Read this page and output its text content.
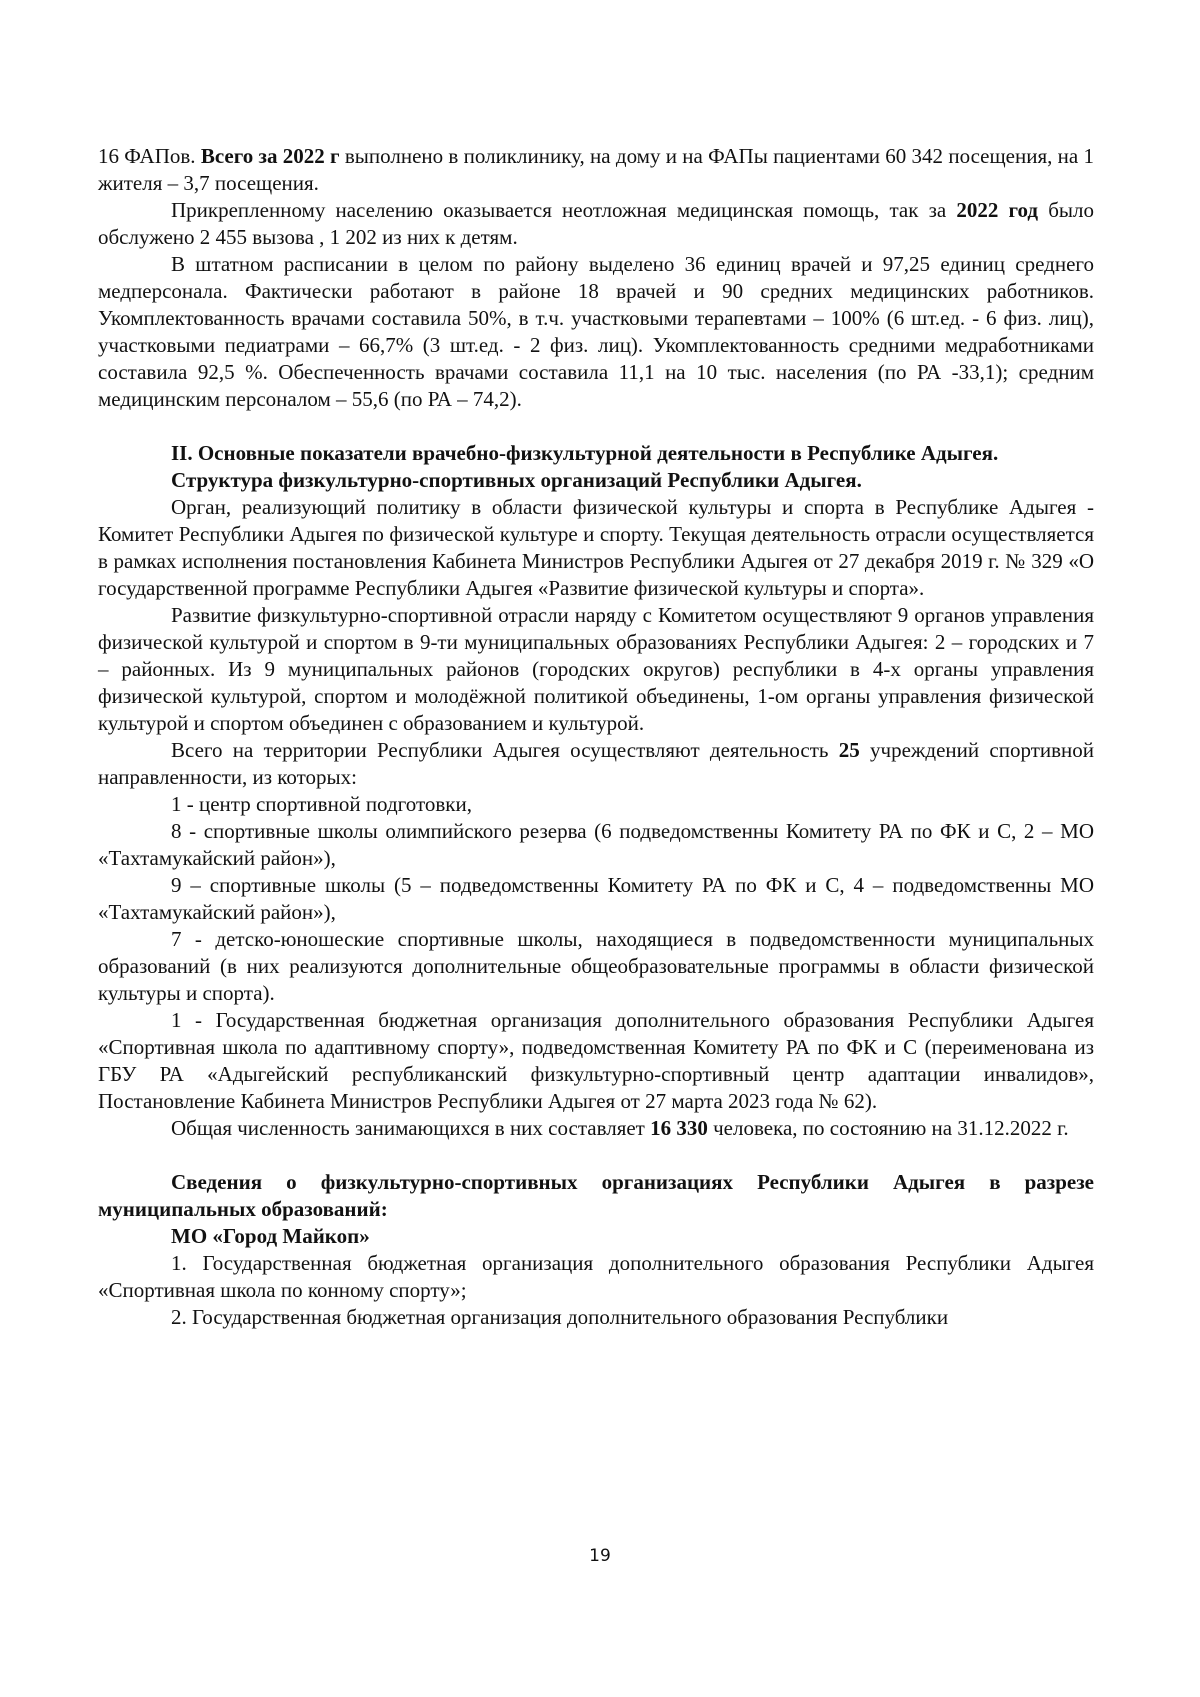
16 ФАПов. Всего за 2022 г выполнено в поликлинику, на дому и на ФАПы пациентами 60 342 посещения, на 1 жителя – 3,7 посещения.

Прикрепленному населению оказывается неотложная медицинская помощь, так за 2022 год было обслужено 2 455 вызова , 1 202 из них к детям.

В штатном расписании в целом по району выделено 36 единиц врачей и 97,25 единиц среднего медперсонала. Фактически работают в районе 18 врачей и 90 средних медицинских работников. Укомплектованность врачами составила 50%, в т.ч. участковыми терапевтами – 100% (6 шт.ед. - 6 физ. лиц), участковыми педиатрами – 66,7% (3 шт.ед. - 2 физ. лиц). Укомплектованность средними медработниками составила 92,5 %. Обеспеченность врачами составила 11,1 на 10 тыс. населения (по РА -33,1); средним медицинским персоналом – 55,6 (по РА – 74,2).

II. Основные показатели врачебно-физкультурной деятельности в Республике Адыгея.

Структура физкультурно-спортивных организаций Республики Адыгея.

Орган, реализующий политику в области физической культуры и спорта в Республике Адыгея - Комитет Республики Адыгея по физической культуре и спорту. Текущая деятельность отрасли осуществляется в рамках исполнения постановления Кабинета Министров Республики Адыгея от 27 декабря 2019 г. № 329 «О государственной программе Республики Адыгея «Развитие физической культуры и спорта».

Развитие физкультурно-спортивной отрасли наряду с Комитетом осуществляют 9 органов управления физической культурой и спортом в 9-ти муниципальных образованиях Республики Адыгея: 2 – городских и 7 – районных. Из 9 муниципальных районов (городских округов) республики в 4-х органы управления физической культурой, спортом и молодёжной политикой объединены, 1-ом органы управления физической культурой и спортом объединен с образованием и культурой.

Всего на территории Республики Адыгея осуществляют деятельность 25 учреждений спортивной направленности, из которых:

1 - центр спортивной подготовки,

8 - спортивные школы олимпийского резерва (6 подведомственны Комитету РА по ФК и С, 2 – МО «Тахтамукайский район»),

9 – спортивные школы (5 – подведомственны Комитету РА по ФК и С, 4 – подведомственны МО «Тахтамукайский район»),

7 - детско-юношеские спортивные школы, находящиеся в подведомственности муниципальных образований (в них реализуются дополнительные общеобразовательные программы в области физической культуры и спорта).

1 - Государственная бюджетная организация дополнительного образования Республики Адыгея «Спортивная школа по адаптивному спорту», подведомственная Комитету РА по ФК и С (переименована из ГБУ РА «Адыгейский республиканский физкультурно-спортивный центр адаптации инвалидов», Постановление Кабинета Министров Республики Адыгея от 27 марта 2023 года № 62).

Общая численность занимающихся в них составляет 16 330 человека, по состоянию на 31.12.2022 г.

Сведения о физкультурно-спортивных организациях Республики Адыгея в разрезе муниципальных образований:

МО «Город Майкоп»

1. Государственная бюджетная организация дополнительного образования Республики Адыгея «Спортивная школа по конному спорту»;

2. Государственная бюджетная организация дополнительного образования Республики

19
